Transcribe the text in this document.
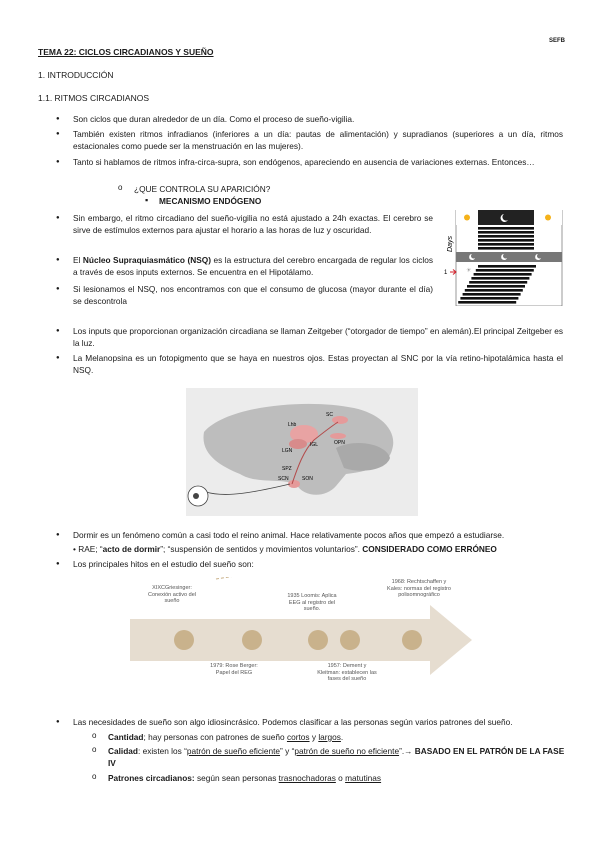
SEFB
TEMA 22: CICLOS CIRCADIANOS Y SUEÑO
1. INTRODUCCIÓN
1.1. RITMOS CIRCADIANOS
● Son ciclos que duran alrededor de un día. Como el proceso de sueño-vigilia.
● También existen ritmos infradianos (inferiores a un día: pautas de alimentación) y supradianos (superiores a un día, ritmos estacionales como puede ser la menstruación en las mujeres).
● Tanto si hablamos de ritmos infra-circa-supra, son endógenos, apareciendo en ausencia de variaciones externas. Entonces…
o ¿QUE CONTROLA SU APARICIÓN?
▪ MECANISMO ENDÓGENO
● Sin embargo, el ritmo circadiano del sueño-vigilia no está ajustado a 24h exactas. El cerebro se sirve de estímulos externos para ajustar el horario a las horas de luz y oscuridad.
● El Núcleo Supraquiasmático (NSQ) es la estructura del cerebro encargada de regular los ciclos a través de esos inputs externos. Se encuentra en el Hipotálamo.
● Si lesionamos el NSQ, nos encontramos con que el consumo de glucosa (mayor durante el día) se descontrola
Days
1	☀
● Los inputs que proporcionan organización circadiana se llaman Zeitgeber (“otorgador de tiempo” en alemán).El principal Zeitgeber es la luz.
● La Melanopsina es un fotopigmento que se haya en nuestros ojos. Estas proyectan al SNC por la vía retino-hipotalámica hasta el NSQ.
Lhb
SC
OPN
LGN
IGL
SPZ
SCN	SON
● Dormir es un fenómeno común a casi todo el reino animal. Hace relativamente pocos años que empezó a estudiarse.
• RAE; “acto de dormir”; “suspensión de sentidos y movimientos voluntarios”. CONSIDERADO COMO ERRÓNEO
● Los principales hitos en el estudio del sueño son:
XIXCGriesinger: Conexión activo del sueño
1935 Loomis: Aplica EEG al registro del sueño.
1968: Rechtschaffen y Kales: normas del registro polisomnográfico
1979: Rose Berger: Papel del REG
1957: Dement y Kleitman: establecen las fases del sueño
● Las necesidades de sueño son algo idiosincrásico. Podemos clasificar a las personas según varios patrones del sueño.
o Cantidad; hay personas con patrones de sueño cortos y largos.
o Calidad: existen los “patrón de sueño eficiente” y “patrón de sueño no eficiente”.→ BASADO EN EL PATRÓN DE LA FASE IV
o Patrones circadianos: según sean personas trasnochadoras o matutinas
